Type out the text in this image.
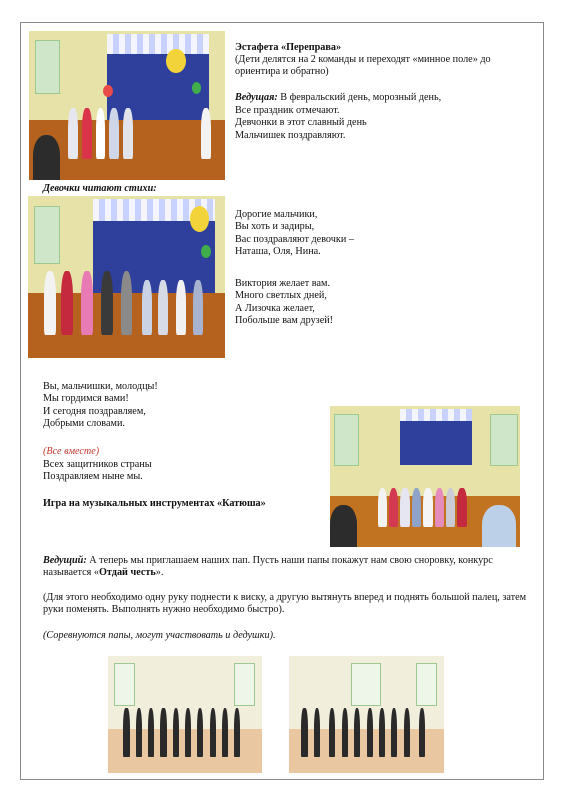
Эстафета «Переправа»
(Дети делятся на 2 команды и переходят «минное поле» до ориентира и обратно)
Ведущая: В февральский день, морозный день,
Все праздник отмечают.
Девчонки в этот славный день
Мальчишек поздравляют.
Девочки читают стихи:
Дорогие мальчики,
Вы хоть и задиры,
Вас поздравляют девочки –
Наташа, Оля, Нина.
Виктория желает вам.
Много светлых дней,
А Лизочка желает,
Побольше вам друзей!
Вы, мальчишки, молодцы!
Мы гордимся вами!
И сегодня поздравляем,
Добрыми словами.
(Все вместе)
Всех защитников страны
Поздравляем ныне мы.
Игра на музыкальных инструментах «Катюша»
Ведущий: А теперь мы приглашаем наших пап. Пусть наши папы покажут нам свою сноровку, конкурс называется «Отдай честь».
(Для этого необходимо одну руку поднести к виску, а другую вытянуть вперед и поднять большой палец, затем руки поменять. Выполнять нужно необходимо быстро).
(Соревнуются папы, могут участвовать и дедушки).
